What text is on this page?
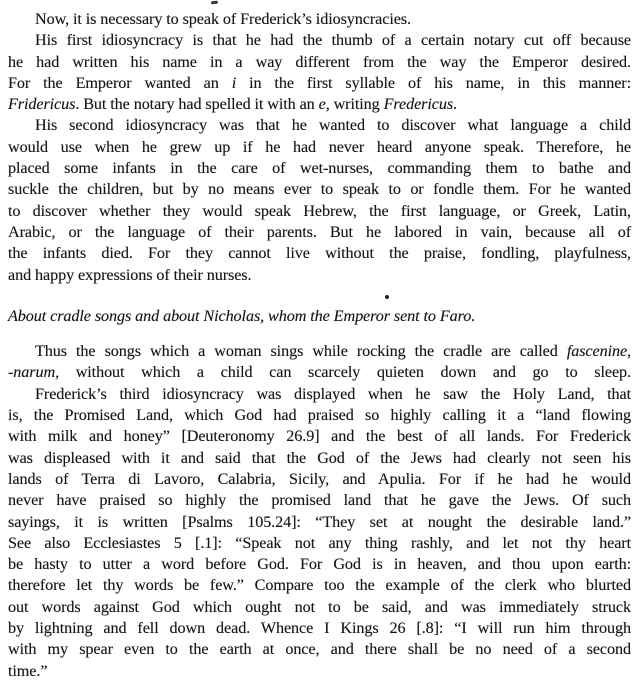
Now, it is necessary to speak of Frederick’s idiosyncracies.
His first idiosyncracy is that he had the thumb of a certain notary cut off because
he had written his name in a way different from the way the Emperor desired.
For the Emperor wanted an i in the first syllable of his name, in this manner:
Fridericus. But the notary had spelled it with an e, writing Fredericus.
His second idiosyncracy was that he wanted to discover what language a child
would use when he grew up if he had never heard anyone speak. Therefore, he
placed some infants in the care of wet-nurses, commanding them to bathe and
suckle the children, but by no means ever to speak to or fondle them. For he wanted
to discover whether they would speak Hebrew, the first language, or Greek, Latin,
Arabic, or the language of their parents. But he labored in vain, because all of
the infants died. For they cannot live without the praise, fondling, playfulness,
and happy expressions of their nurses.
About cradle songs and about Nicholas, whom the Emperor sent to Faro.
Thus the songs which a woman sings while rocking the cradle are called fascenine,
-narum, without which a child can scarcely quieten down and go to sleep.
Frederick’s third idiosyncracy was displayed when he saw the Holy Land, that
is, the Promised Land, which God had praised so highly calling it a “land flowing
with milk and honey” [Deuteronomy 26.9] and the best of all lands. For Frederick
was displeased with it and said that the God of the Jews had clearly not seen his
lands of Terra di Lavoro, Calabria, Sicily, and Apulia. For if he had he would
never have praised so highly the promised land that he gave the Jews. Of such
sayings, it is written [Psalms 105.24]: “They set at nought the desirable land.”
See also Ecclesiastes 5 [.1]: “Speak not any thing rashly, and let not thy heart
be hasty to utter a word before God. For God is in heaven, and thou upon earth:
therefore let thy words be few.” Compare too the example of the clerk who blurted
out words against God which ought not to be said, and was immediately struck
by lightning and fell down dead. Whence I Kings 26 [.8]: “I will run him through
with my spear even to the earth at once, and there shall be no need of a second
time.”
